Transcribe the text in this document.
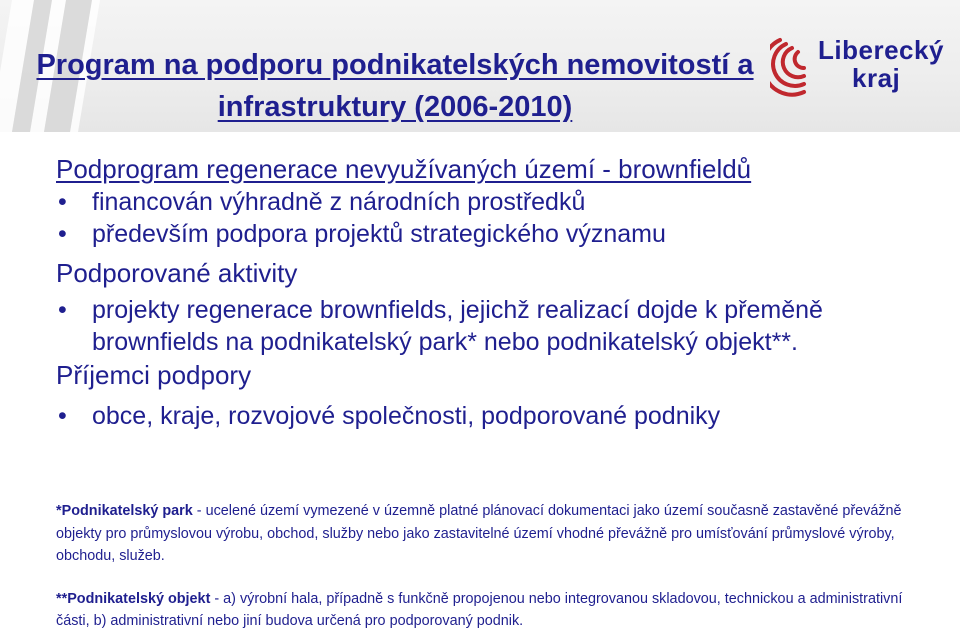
Program na podporu podnikatelských nemovitostí a
infrastruktury (2006-2010)
Liberecký
kraj
Podprogram regenerace nevyužívaných území - brownfieldů
• financován výhradně z národních prostředků
• především podpora projektů strategického významu
Podporované aktivity
• projekty regenerace brownfields, jejichž realizací dojde k přeměně brownfields na podnikatelský park* nebo podnikatelský objekt**.
Příjemci podpory
• obce, kraje, rozvojové společnosti, podporované podniky

*Podnikatelský park - ucelené území vymezené v územně platné plánovací dokumentaci jako území současně zastavěné převážně objekty pro průmyslovou výrobu, obchod, služby nebo jako zastavitelné území vhodné převážně pro umísťování průmyslové výroby, obchodu, služeb.

**Podnikatelský objekt - a) výrobní hala, případně s funkčně propojenou nebo integrovanou skladovou, technickou a administrativní části, b) administrativní nebo jiní budova určená pro podporovaný podnik.
